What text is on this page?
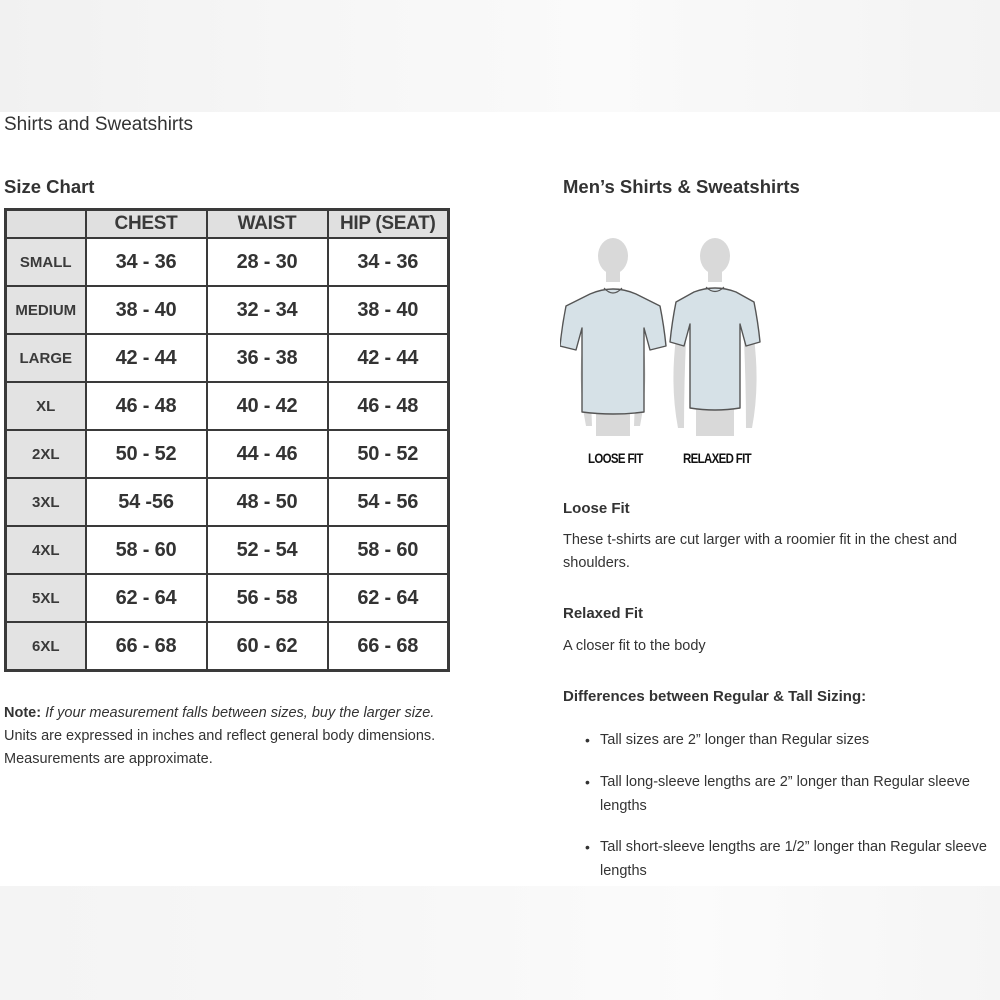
Shirts and Sweatshirts
Size Chart
	CHEST	WAIST	HIP (SEAT)
SMALL	34 - 36	28 - 30	34 - 36
MEDIUM	38 - 40	32 - 34	38 - 40
LARGE	42 - 44	36 - 38	42 - 44
XL	46 - 48	40 - 42	46 - 48
2XL	50 - 52	44 - 46	50 - 52
3XL	54 -56	48 - 50	54 - 56
4XL	58 - 60	52 - 54	58 - 60
5XL	62 - 64	56 - 58	62 - 64
6XL	66 - 68	60 - 62	66 - 68
Note: If your measurement falls between sizes, buy the larger size. Units are expressed in inches and reflect general body dimensions. Measurements are approximate.
Men’s Shirts & Sweatshirts
LOOSE FIT	RELAXED FIT
Loose Fit
These t-shirts are cut larger with a roomier fit in the chest and shoulders.
Relaxed Fit
A closer fit to the body
Differences between Regular & Tall Sizing:
• Tall sizes are 2” longer than Regular sizes
• Tall long-sleeve lengths are 2” longer than Regular sleeve lengths
• Tall short-sleeve lengths are 1/2” longer than Regular sleeve lengths
